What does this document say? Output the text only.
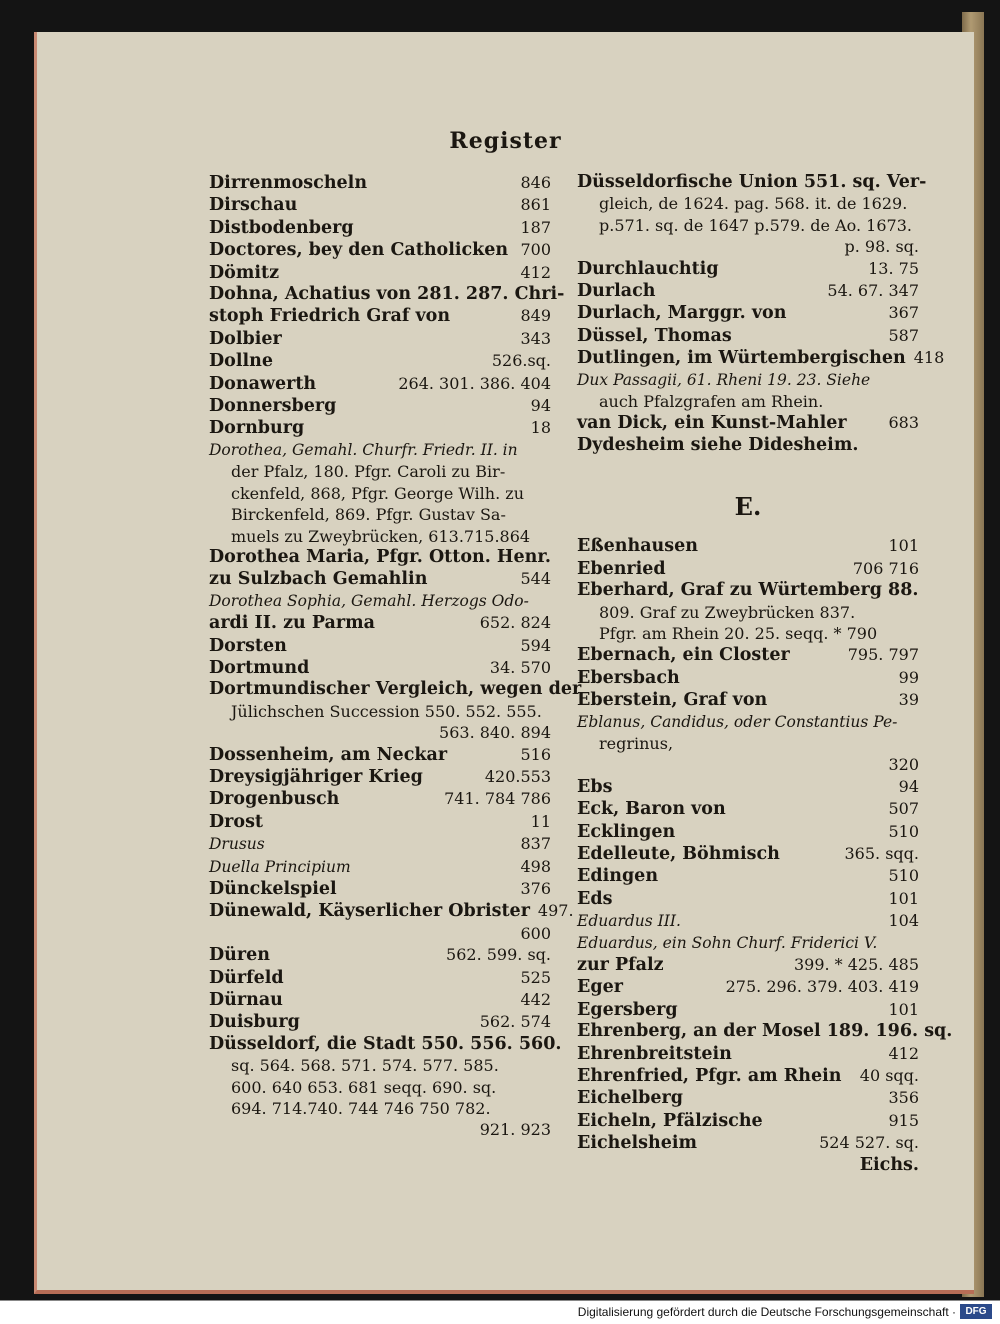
Register
Dirrenmoscheln	846
Dirschau	861
Distbodenberg	187
Doctores, bey den Catholicken 700
Dömitz	412
Dohna, Achatius von 281. 287. Chri-
stoph Friedrich Graf von	849
Dolbier	343
Dollne	526.sq.
Donawerth	264. 301. 386. 404
Donnersberg	94
Dornburg	18
Dorothea, Gemahl. Churfr. Friedr. II. in
der Pfalz, 180. Pfgr. Caroli zu Bir-
ckenfeld, 868, Pfgr. George Wilh. zu
Birckenfeld, 869. Pfgr. Gustav Sa-
muels zu Zweybrücken, 613.715.864
Dorothea Maria, Pfgr. Otton. Henr.
zu Sulzbach Gemahlin	544
Dorothea Sophia, Gemahl. Herzogs Odo-
ardi II. zu Parma	652. 824
Dorsten	594
Dortmund	34. 570
Dortmundischer Vergleich, wegen der
Jülichschen Succession 550. 552. 555.
563. 840. 894
Dossenheim, am Neckar	516
Dreysigjähriger Krieg	420.553
Drogenbusch	741. 784 786
Drost	11
Drusus	837
Duella Principium	498
Dünckelspiel	376
Dünewald, Käyserlicher Obrister 497.
600
Düren	562. 599. sq.
Dürfeld	525
Dürnau	442
Duisburg	562. 574
Düsseldorf, die Stadt 550. 556. 560.
sq. 564. 568. 571. 574. 577. 585.
600. 640 653. 681 seqq. 690. sq.
694. 714.740. 744 746 750 782.
921. 923
Düsseldorfische Union 551. sq. Ver-
gleich, de 1624. pag. 568. it. de 1629.
p.571. sq. de 1647 p.579. de Ao. 1673.
p. 98. sq.
Durchlauchtig	13. 75
Durlach	54. 67. 347
Durlach, Marggr. von	367
Düssel, Thomas	587
Dutlingen, im Würtembergischen 418
Dux Passagii, 61. Rheni 19. 23. Siehe
auch Pfalzgrafen am Rhein.
van Dick, ein Kunst-Mahler	683
Dydesheim siehe Didesheim.
E.
Eßenhausen	101
Ebenried	706 716
Eberhard, Graf zu Würtemberg 88.
809. Graf zu Zweybrücken 837.
Pfgr. am Rhein 20. 25. seqq. * 790
Ebernach, ein Closter	795. 797
Ebersbach	99
Eberstein, Graf von	39
Eblanus, Candidus, oder Constantius Pe-
regrinus,
320
Ebs	94
Eck, Baron von	507
Ecklingen	510
Edelleute, Böhmisch	365. sqq.
Edingen	510
Eds	101
Eduardus III.	104
Eduardus, ein Sohn Churf. Friderici V.
zur Pfalz	399. * 425. 485
Eger	275. 296. 379. 403. 419
Egersberg	101
Ehrenberg, an der Mosel 189. 196. sq.
Ehrenbreitstein	412
Ehrenfried, Pfgr. am Rhein 40 sqq.
Eichelberg	356
Eicheln, Pfälzische	915
Eichelsheim	524 527. sq.
Eichs.
Digitalisierung gefördert durch die Deutsche Forschungsgemeinschaft · DFG
